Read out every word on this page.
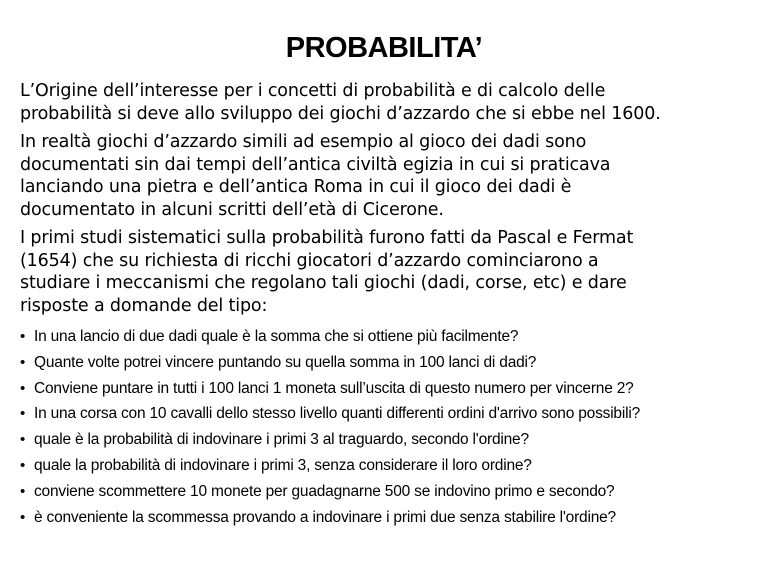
PROBABILITA’
L’Origine dell’interesse per i concetti di probabilità e di calcolo delle
probabilità si deve allo sviluppo dei giochi d’azzardo che si ebbe nel 1600.
In realtà giochi d’azzardo simili ad esempio al gioco dei dadi sono
documentati sin dai tempi dell’antica civiltà egizia in cui si praticava
lanciando una pietra e dell’antica Roma in cui il gioco dei dadi è
documentato in alcuni scritti dell’età di Cicerone.
I primi studi sistematici sulla probabilità furono fatti da Pascal e Fermat
(1654) che su richiesta di ricchi giocatori d’azzardo cominciarono a
studiare i meccanismi che regolano tali giochi (dadi, corse, etc) e dare
risposte a domande del tipo:
• In una lancio di due dadi quale è la somma che si ottiene più facilmente?
• Quante volte potrei vincere puntando su quella somma in 100 lanci di dadi?
• Conviene puntare in tutti i 100 lanci 1 moneta sull’uscita di questo numero per vincerne 2?
• In una corsa con 10 cavalli dello stesso livello quanti differenti ordini d'arrivo sono possibili?
• quale è la probabilità di indovinare i primi 3 al traguardo, secondo l'ordine?
• quale la probabilità di indovinare i primi 3, senza considerare il loro ordine?
• conviene scommettere 10 monete per guadagnarne 500 se indovino primo e secondo?
• è conveniente la scommessa provando a indovinare i primi due senza stabilire l'ordine?
